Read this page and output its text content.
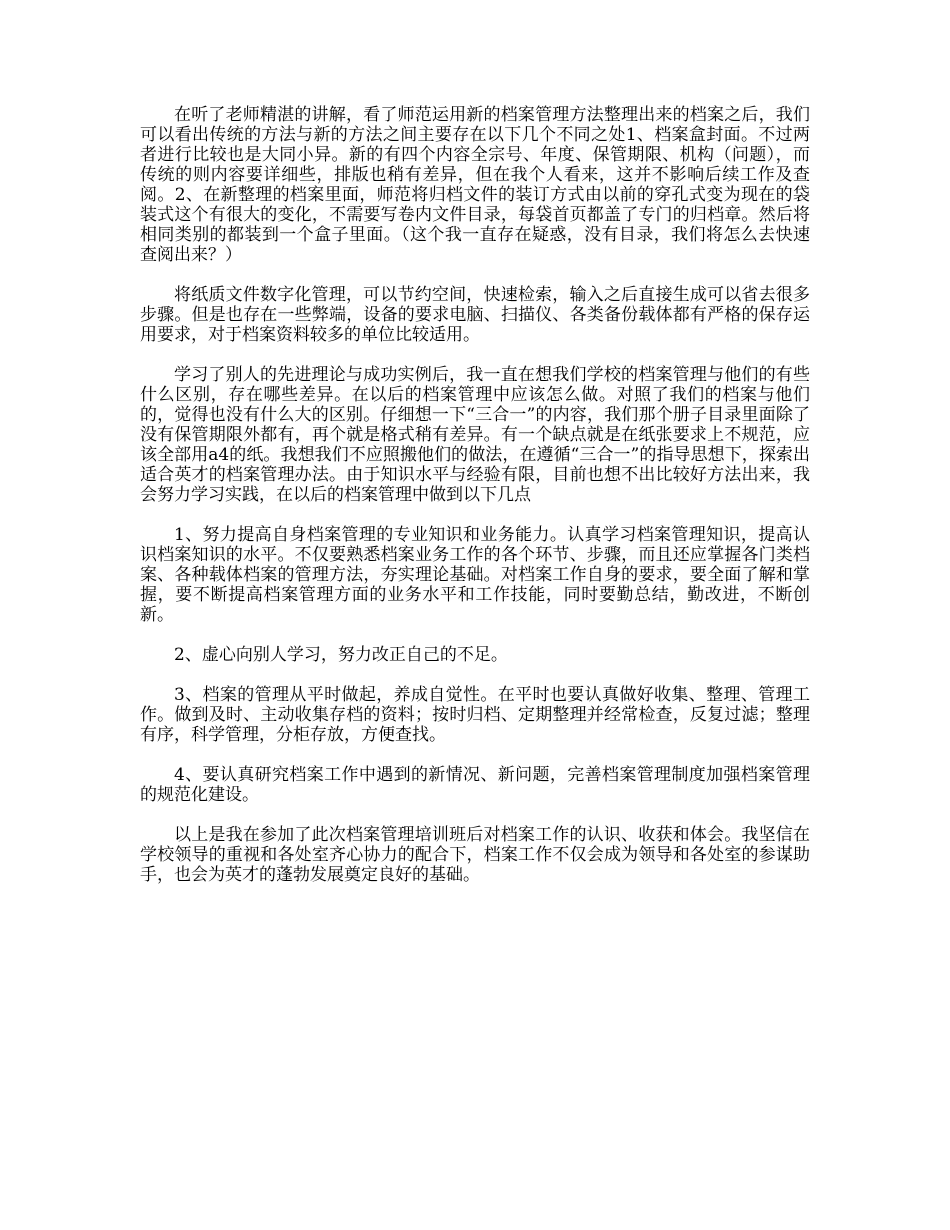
在听了老师精湛的讲解，看了师范运用新的档案管理方法整理出来的档案之后，我们可以看出传统的方法与新的方法之间主要存在以下几个不同之处1、档案盒封面。不过两者进行比较也是大同小异。新的有四个内容全宗号、年度、保管期限、机构（问题），而传统的则内容要详细些，排版也稍有差异，但在我个人看来，这并不影响后续工作及查阅。2、在新整理的档案里面，师范将归档文件的装订方式由以前的穿孔式变为现在的袋装式这个有很大的变化，不需要写卷内文件目录，每袋首页都盖了专门的归档章。然后将相同类别的都装到一个盒子里面。（这个我一直存在疑惑，没有目录，我们将怎么去快速查阅出来？）

将纸质文件数字化管理，可以节约空间，快速检索，输入之后直接生成可以省去很多步骤。但是也存在一些弊端，设备的要求电脑、扫描仪、各类备份载体都有严格的保存运用要求，对于档案资料较多的单位比较适用。

学习了别人的先进理论与成功实例后，我一直在想我们学校的档案管理与他们的有些什么区别，存在哪些差异。在以后的档案管理中应该怎么做。对照了我们的档案与他们的，觉得也没有什么大的区别。仔细想一下“三合一”的内容，我们那个册子目录里面除了没有保管期限外都有，再个就是格式稍有差异。有一个缺点就是在纸张要求上不规范，应该全部用a4的纸。我想我们不应照搬他们的做法，在遵循“三合一”的指导思想下，探索出适合英才的档案管理办法。由于知识水平与经验有限，目前也想不出比较好方法出来，我会努力学习实践，在以后的档案管理中做到以下几点

1、努力提高自身档案管理的专业知识和业务能力。认真学习档案管理知识，提高认识档案知识的水平。不仅要熟悉档案业务工作的各个环节、步骤，而且还应掌握各门类档案、各种载体档案的管理方法，夯实理论基础。对档案工作自身的要求，要全面了解和掌握，要不断提高档案管理方面的业务水平和工作技能，同时要勤总结，勤改进，不断创新。

2、虚心向别人学习，努力改正自己的不足。

3、档案的管理从平时做起，养成自觉性。在平时也要认真做好收集、整理、管理工作。做到及时、主动收集存档的资料；按时归档、定期整理并经常检查，反复过滤；整理有序，科学管理，分柜存放，方便查找。

4、要认真研究档案工作中遇到的新情况、新问题，完善档案管理制度加强档案管理的规范化建设。

以上是我在参加了此次档案管理培训班后对档案工作的认识、收获和体会。我坚信在学校领导的重视和各处室齐心协力的配合下，档案工作不仅会成为领导和各处室的参谋助手，也会为英才的蓬勃发展奠定良好的基础。
